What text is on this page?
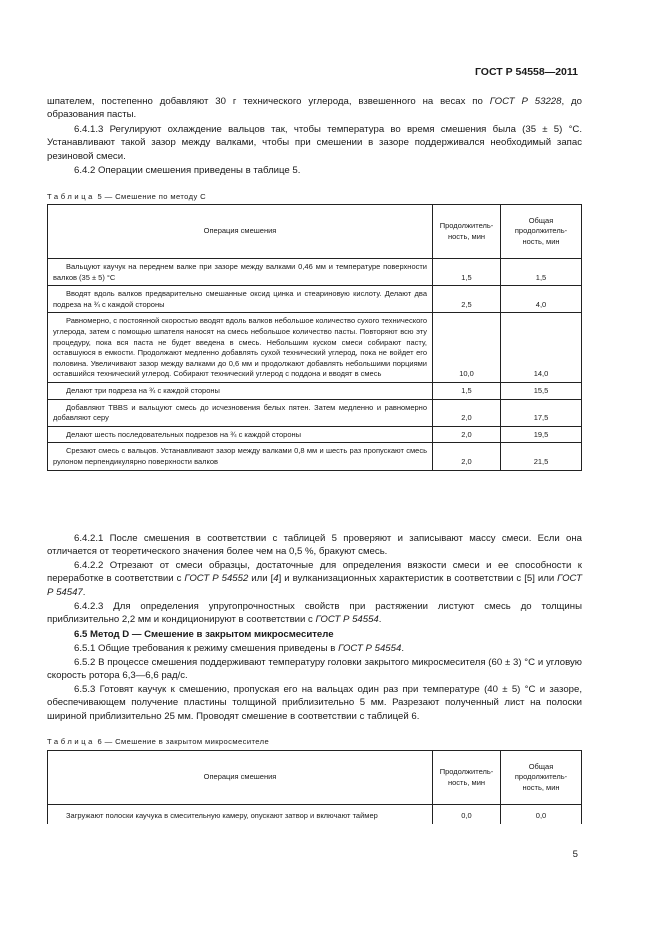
ГОСТ Р 54558—2011

шпателем, постепенно добавляют 30 г технического углерода, взвешенного на весах по ГОСТ Р 53228, до образования пасты.

6.4.1.3 Регулируют охлаждение вальцов так, чтобы температура во время смешения была (35 ± 5) °С. Устанавливают такой зазор между валками, чтобы при смешении в зазоре поддерживался необходимый запас резиновой смеси.

6.4.2 Операции смешения приведены в таблице 5.

Таблица 5 — Смешение по методу С
Операция смешения	Продолжитель-ность, мин	Общая продолжитель-ность, мин
Вальцуют каучук на переднем валке при зазоре между валками 0,46 мм и температуре поверхности валков (35 ± 5) °С	1,5	1,5
Вводят вдоль валков предварительно смешанные оксид цинка и стеариновую кислоту. Делают два подреза на ¾ с каждой стороны	2,5	4,0
Равномерно, с постоянной скоростью вводят вдоль валков небольшое количество сухого технического углерода, затем с помощью шпателя наносят на смесь небольшое количество пасты. Повторяют всю эту процедуру, пока вся паста не будет введена в смесь. Небольшим куском смеси собирают пасту, оставшуюся в емкости. Продолжают медленно добавлять сухой технический углерод, пока не войдет его половина. Увеличивают зазор между валками до 0,6 мм и продолжают добавлять небольшими порциями оставшийся технический углерод. Собирают технический углерод с поддона и вводят в смесь	10,0	14,0
Делают три подреза на ¾ с каждой стороны	1,5	15,5
Добавляют TBBS и вальцуют смесь до исчезновения белых пятен. Затем медленно и равномерно добавляют серу	2,0	17,5
Делают шесть последовательных подрезов на ¾ с каждой стороны	2,0	19,5
Срезают смесь с вальцов. Устанавливают зазор между валками 0,8 мм и шесть раз пропускают смесь рулоном перпендикулярно поверхности валков	2,0	21,5

6.4.2.1 После смешения в соответствии с таблицей 5 проверяют и записывают массу смеси. Если она отличается от теоретического значения более чем на 0,5 %, бракуют смесь.

6.4.2.2 Отрезают от смеси образцы, достаточные для определения вязкости смеси и ее способности к переработке в соответствии с ГОСТ Р 54552 или [4] и вулканизационных характеристик в соответствии с [5] или ГОСТ Р 54547.

6.4.2.3 Для определения упругопрочностных свойств при растяжении листуют смесь до толщины приблизительно 2,2 мм и кондиционируют в соответствии с ГОСТ Р 54554.

6.5 Метод D — Смешение в закрытом микросмесителе

6.5.1 Общие требования к режиму смешения приведены в ГОСТ Р 54554.

6.5.2 В процессе смешения поддерживают температуру головки закрытого микросмесителя (60 ± 3) °С и угловую скорость ротора 6,3—6,6 рад/с.

6.5.3 Готовят каучук к смешению, пропуская его на вальцах один раз при температуре (40 ± 5) °С и зазоре, обеспечивающем получение пластины толщиной приблизительно 5 мм. Разрезают полученный лист на полоски шириной приблизительно 25 мм. Проводят смешение в соответствии с таблицей 6.

Таблица 6 — Смешение в закрытом микросмесителе
Операция смешения	Продолжитель-ность, мин	Общая продолжитель-ность, мин
Загружают полоски каучука в смесительную камеру, опускают затвор и включают таймер	0,0	0,0
5
